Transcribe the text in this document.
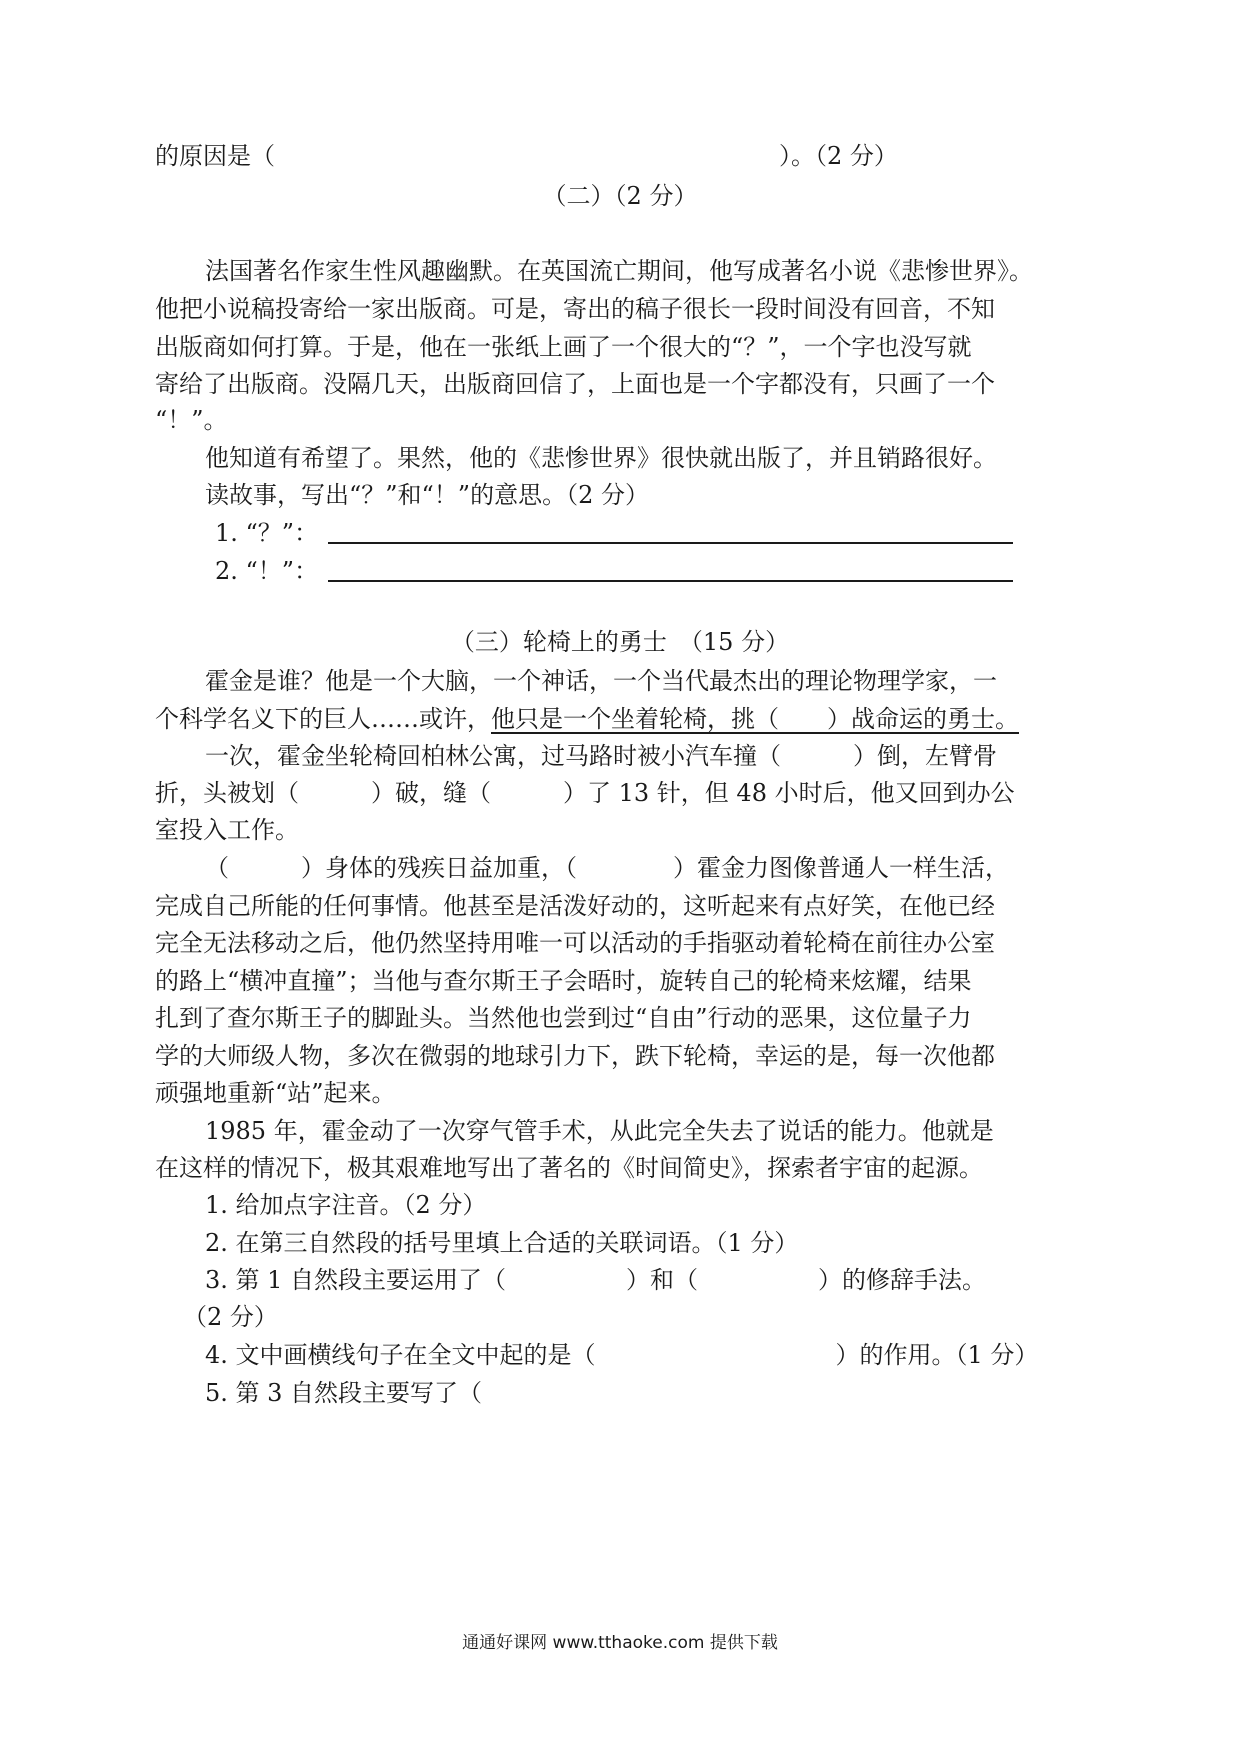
的原因是（　　　　　　　　　　　　　　　　　　　　　）。（2 分）
（二）（2 分）
法国著名作家生性风趣幽默。在英国流亡期间，他写成著名小说《悲惨世界》。
他把小说稿投寄给一家出版商。可是，寄出的稿子很长一段时间没有回音，不知
出版商如何打算。于是，他在一张纸上画了一个很大的“？”，一个字也没写就
寄给了出版商。没隔几天，出版商回信了，上面也是一个字都没有，只画了一个
“！”。
他知道有希望了。果然，他的《悲惨世界》很快就出版了，并且销路很好。
读故事，写出“？”和“！”的意思。（2 分）
1. “？”：
2. “！”：
（三）轮椅上的勇士　（15 分）
霍金是谁？他是一个大脑，一个神话，一个当代最杰出的理论物理学家，一
个科学名义下的巨人……或许，他只是一个坐着轮椅，挑（　　）战命运的勇士。
一次，霍金坐轮椅回柏林公寓，过马路时被小汽车撞（　　　）倒，左臂骨
折，头被划（　　　）破，缝（　　　）了 13 针，但 48 小时后，他又回到办公
室投入工作。
（　　　）身体的残疾日益加重，（　　　　）霍金力图像普通人一样生活，
完成自己所能的任何事情。他甚至是活泼好动的，这听起来有点好笑，在他已经
完全无法移动之后，他仍然坚持用唯一可以活动的手指驱动着轮椅在前往办公室
的路上“横冲直撞”；当他与查尔斯王子会晤时，旋转自己的轮椅来炫耀，结果
扎到了查尔斯王子的脚趾头。当然他也尝到过“自由”行动的恶果，这位量子力
学的大师级人物，多次在微弱的地球引力下，跌下轮椅，幸运的是，每一次他都
顽强地重新“站”起来。
1985 年，霍金动了一次穿气管手术，从此完全失去了说话的能力。他就是
在这样的情况下，极其艰难地写出了著名的《时间简史》，探索者宇宙的起源。
1. 给加点字注音。（2 分）
2. 在第三自然段的括号里填上合适的关联词语。（1 分）
3. 第 1 自然段主要运用了（　　　　　）和（　　　　　）的修辞手法。
（2 分）
4. 文中画横线句子在全文中起的是（　　　　　　　　　　）的作用。（1 分）
5. 第 3 自然段主要写了（
通通好课网 www.tthaoke.com 提供下载
